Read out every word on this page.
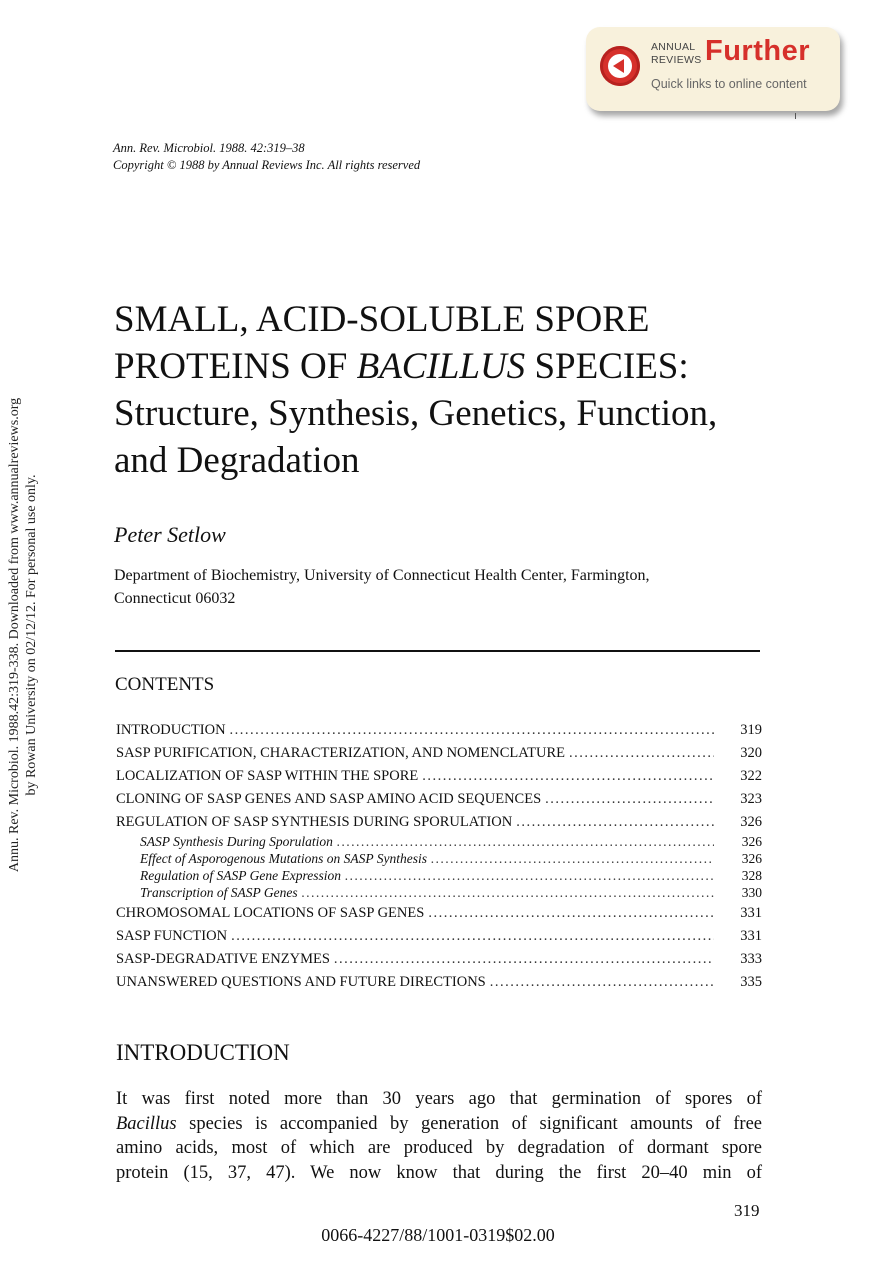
ANNUAL
REVIEWS Further
Quick links to online content
Annu. Rev. Microbiol. 1988.42:319-338. Downloaded from www.annualreviews.org by Rowan University on 02/12/12. For personal use only.
Ann. Rev. Microbiol. 1988. 42:319–38
Copyright © 1988 by Annual Reviews Inc. All rights reserved
SMALL, ACID-SOLUBLE SPORE
PROTEINS OF BACILLUS SPECIES:
Structure, Synthesis, Genetics, Function,
and Degradation
Peter Setlow
Department of Biochemistry, University of Connecticut Health Center, Farmington,
Connecticut 06032
CONTENTS
INTRODUCTION .....	319
SASP PURIFICATION, CHARACTERIZATION, AND NOMENCLATURE .....	320
LOCALIZATION OF SASP WITHIN THE SPORE .....	322
CLONING OF SASP GENES AND SASP AMINO ACID SEQUENCES .....	323
REGULATION OF SASP SYNTHESIS DURING SPORULATION .....	326
SASP Synthesis During Sporulation .....	326
Effect of Asporogenous Mutations on SASP Synthesis .....	326
Regulation of SASP Gene Expression .....	328
Transcription of SASP Genes .....	330
CHROMOSOMAL LOCATIONS OF SASP GENES .....	331
SASP FUNCTION .....	331
SASP-DEGRADATIVE ENZYMES .....	333
UNANSWERED QUESTIONS AND FUTURE DIRECTIONS .....	335
INTRODUCTION
It was first noted more than 30 years ago that germination of spores of
Bacillus species is accompanied by generation of significant amounts of free
amino acids, most of which are produced by degradation of dormant spore
protein (15, 37, 47). We now know that during the first 20–40 min of
319
0066-4227/88/1001-0319$02.00
